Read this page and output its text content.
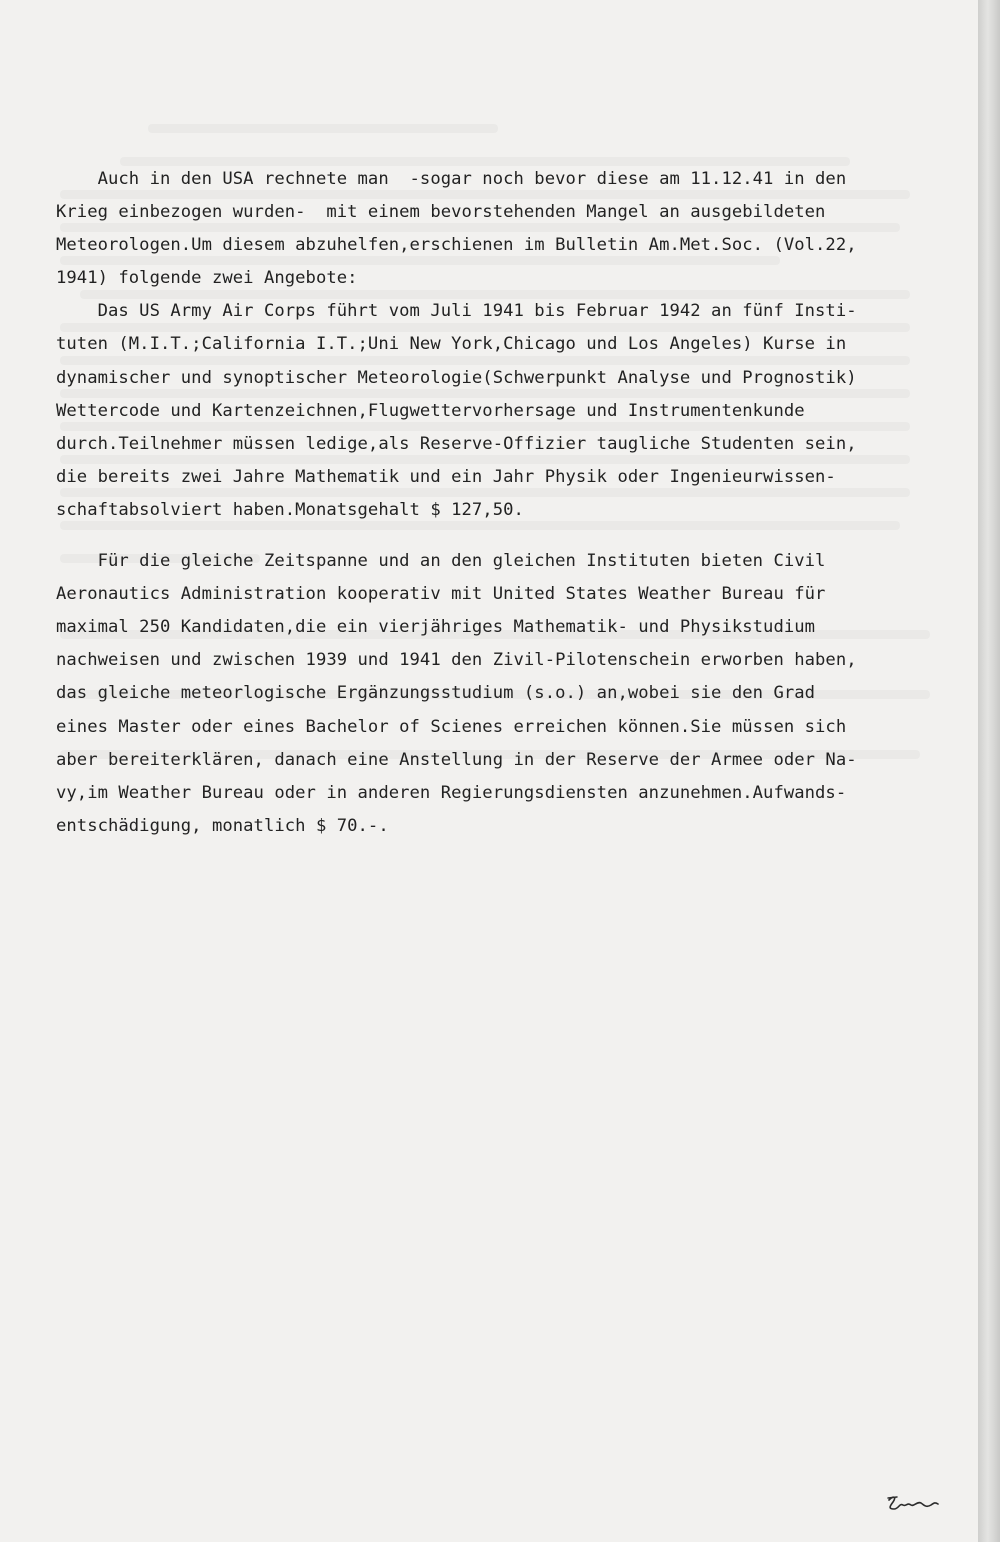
Auch in den USA rechnete man  -sogar noch bevor diese am 11.12.41 in den
Krieg einbezogen wurden-  mit einem bevorstehenden Mangel an ausgebildeten
Meteorologen.Um diesem abzuhelfen,erschienen im Bulletin Am.Met.Soc. (Vol.22,
1941) folgende zwei Angebote:
Das US Army Air Corps führt vom Juli 1941 bis Februar 1942 an fünf Insti-
tuten (M.I.T.;California I.T.;Uni New York,Chicago und Los Angeles) Kurse in
dynamischer und synoptischer Meteorologie(Schwerpunkt Analyse und Prognostik)
Wettercode und Kartenzeichnen,Flugwettervorhersage und Instrumentenkunde
durch.Teilnehmer müssen ledige,als Reserve-Offizier taugliche Studenten sein,
die bereits zwei Jahre Mathematik und ein Jahr Physik oder Ingenieurwissen-
schaftabsolviert haben.Monatsgehalt $ 127,50.
Für die gleiche Zeitspanne und an den gleichen Instituten bieten Civil
Aeronautics Administration kooperativ mit United States Weather Bureau für
maximal 250 Kandidaten,die ein vierjähriges Mathematik- und Physikstudium
nachweisen und zwischen 1939 und 1941 den Zivil-Pilotenschein erworben haben,
das gleiche meteorlogische Ergänzungsstudium (s.o.) an,wobei sie den Grad
eines Master oder eines Bachelor of Scienes erreichen können.Sie müssen sich
aber bereiterklären, danach eine Anstellung in der Reserve der Armee oder Na-
vy,im Weather Bureau oder in anderen Regierungsdiensten anzunehmen.Aufwands-
entschädigung, monatlich $ 70.-.
